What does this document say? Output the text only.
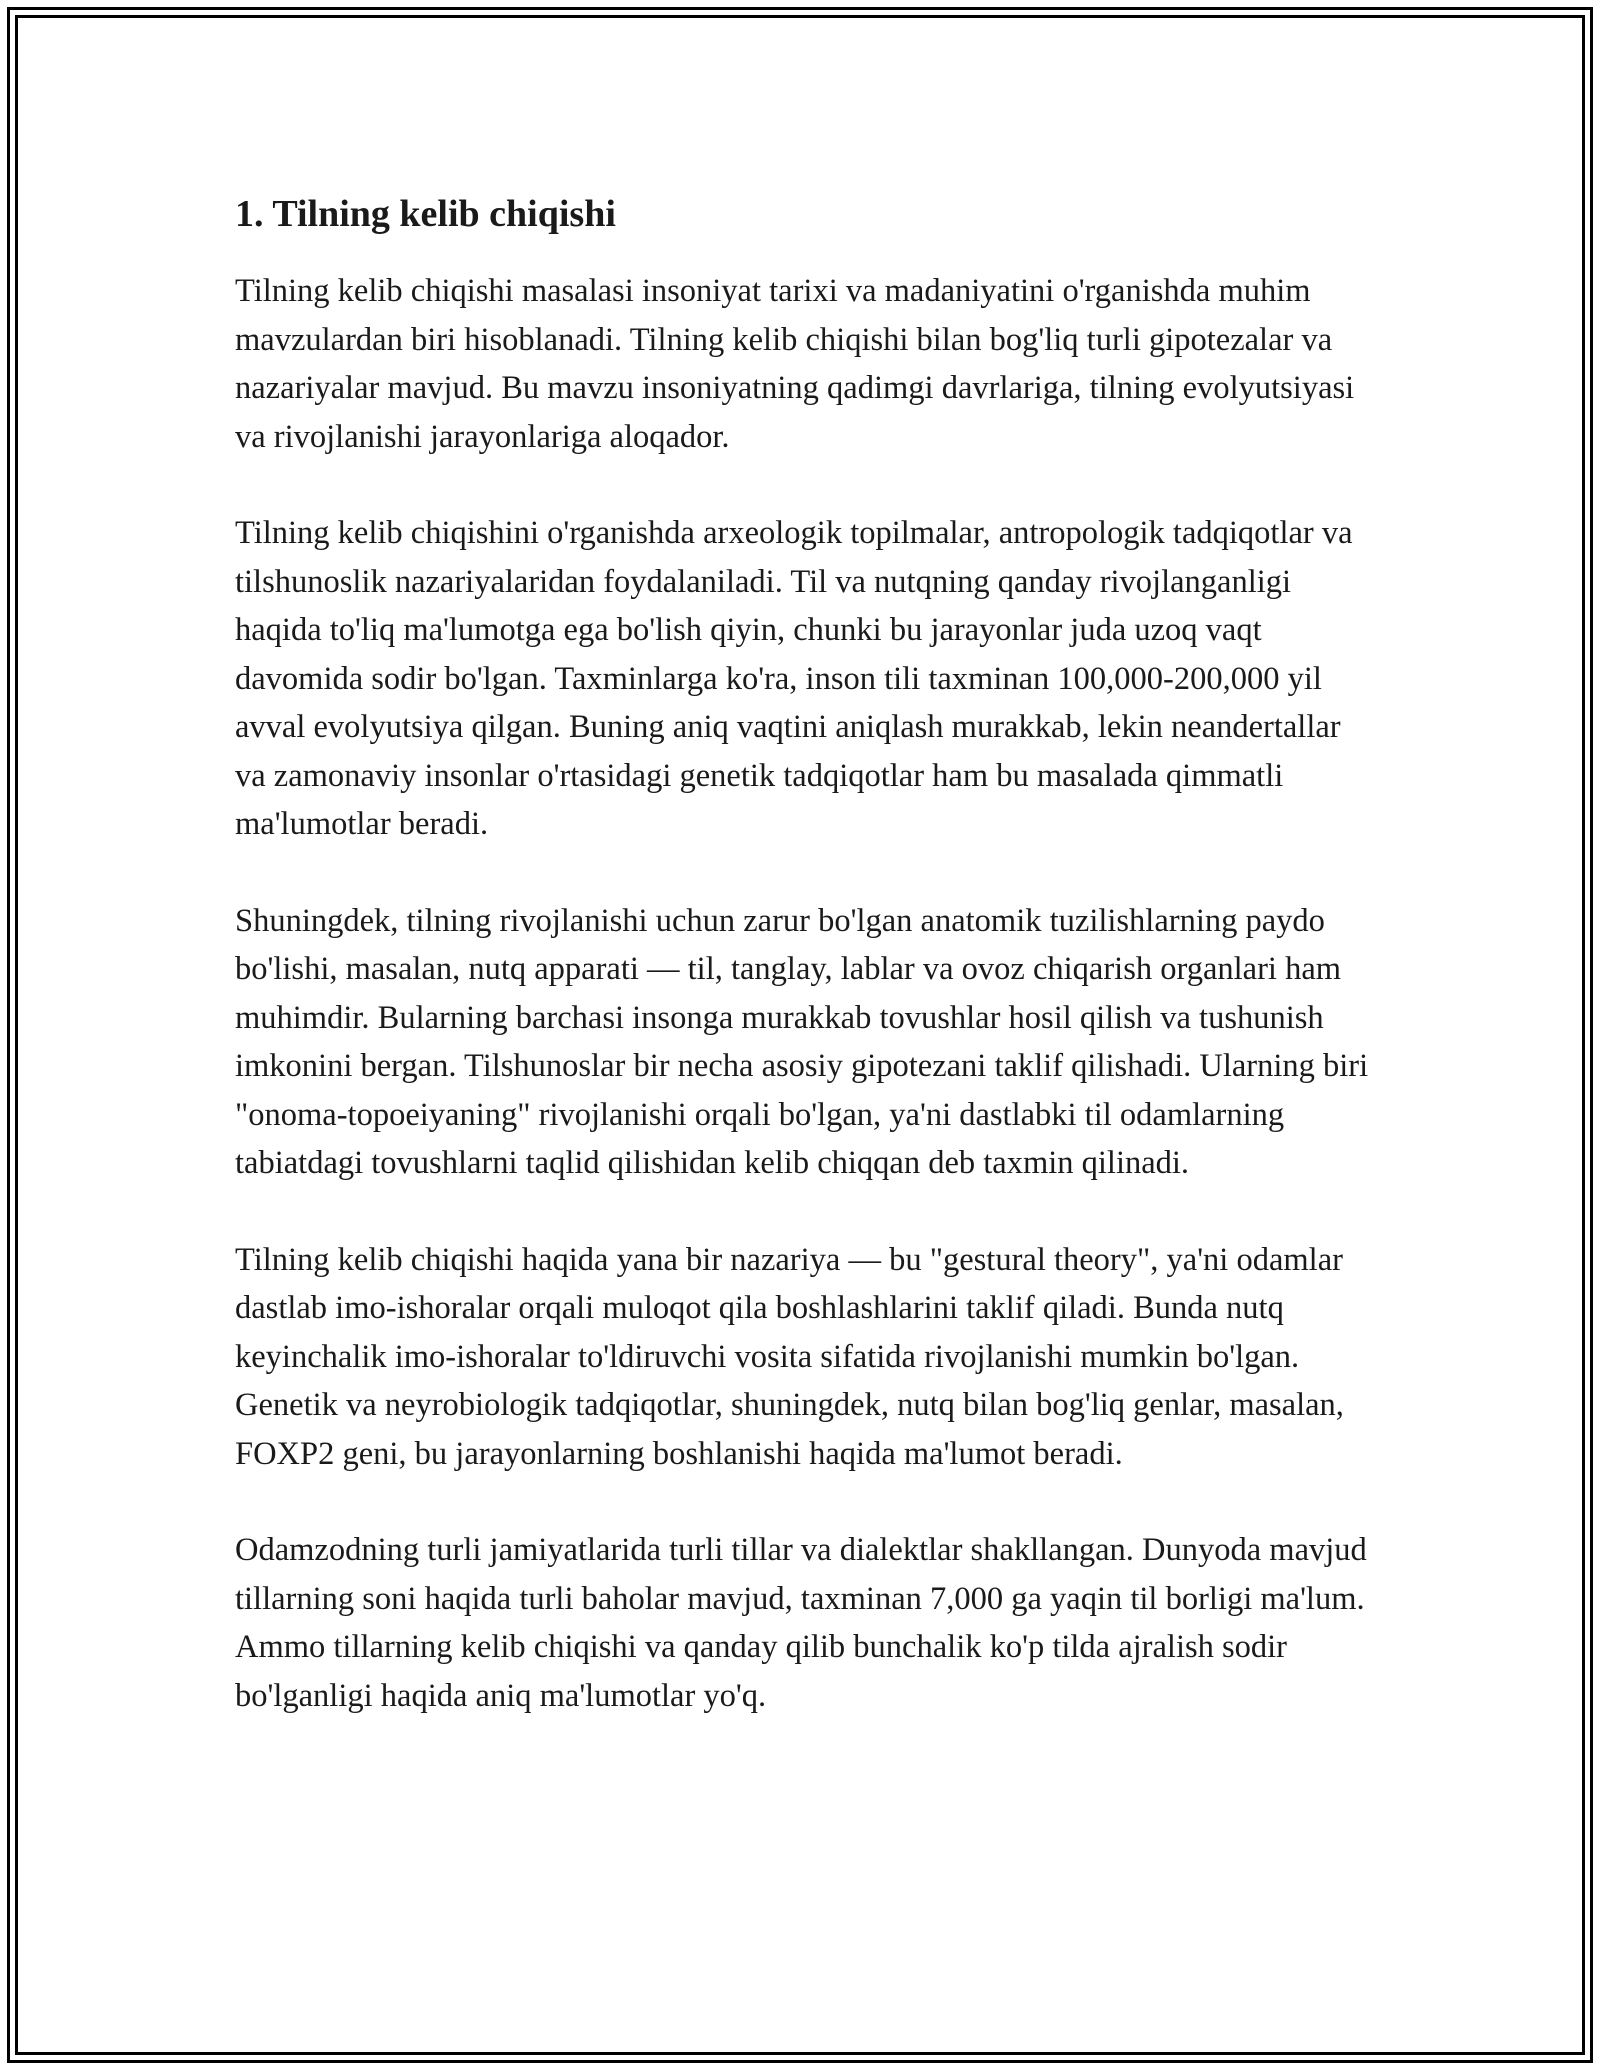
1. Tilning kelib chiqishi

Tilning kelib chiqishi masalasi insoniyat tarixi va madaniyatini o'rganishda muhim mavzulardan biri hisoblanadi. Tilning kelib chiqishi bilan bog'liq turli gipotezalar va nazariyalar mavjud. Bu mavzu insoniyatning qadimgi davrlariga, tilning evolyutsiyasi va rivojlanishi jarayonlariga aloqador.

Tilning kelib chiqishini o'rganishda arxeologik topilmalar, antropologik tadqiqotlar va tilshunoslik nazariyalaridan foydalaniladi. Til va nutqning qanday rivojlanganligi haqida to'liq ma'lumotga ega bo'lish qiyin, chunki bu jarayonlar juda uzoq vaqt davomida sodir bo'lgan. Taxminlarga ko'ra, inson tili taxminan 100,000-200,000 yil avval evolyutsiya qilgan. Buning aniq vaqtini aniqlash murakkab, lekin neandertallar va zamonaviy insonlar o'rtasidagi genetik tadqiqotlar ham bu masalada qimmatli ma'lumotlar beradi.

Shuningdek, tilning rivojlanishi uchun zarur bo'lgan anatomik tuzilishlarning paydo bo'lishi, masalan, nutq apparati — til, tanglay, lablar va ovoz chiqarish organlari ham muhimdir. Bularning barchasi insonga murakkab tovushlar hosil qilish va tushunish imkonini bergan. Tilshunoslar bir necha asosiy gipotezani taklif qilishadi. Ularning biri "onoma-topoeiyaning" rivojlanishi orqali bo'lgan, ya'ni dastlabki til odamlarning tabiatdagi tovushlarni taqlid qilishidan kelib chiqqan deb taxmin qilinadi.

Tilning kelib chiqishi haqida yana bir nazariya — bu "gestural theory", ya'ni odamlar dastlab imo-ishoralar orqali muloqot qila boshlashlarini taklif qiladi. Bunda nutq keyinchalik imo-ishoralar to'ldiruvchi vosita sifatida rivojlanishi mumkin bo'lgan. Genetik va neyrobiologik tadqiqotlar, shuningdek, nutq bilan bog'liq genlar, masalan, FOXP2 geni, bu jarayonlarning boshlanishi haqida ma'lumot beradi.

Odamzodning turli jamiyatlarida turli tillar va dialektlar shakllangan. Dunyoda mavjud tillarning soni haqida turli baholar mavjud, taxminan 7,000 ga yaqin til borligi ma'lum. Ammo tillarning kelib chiqishi va qanday qilib bunchalik ko'p tilda ajralish sodir bo'lganligi haqida aniq ma'lumotlar yo'q.
